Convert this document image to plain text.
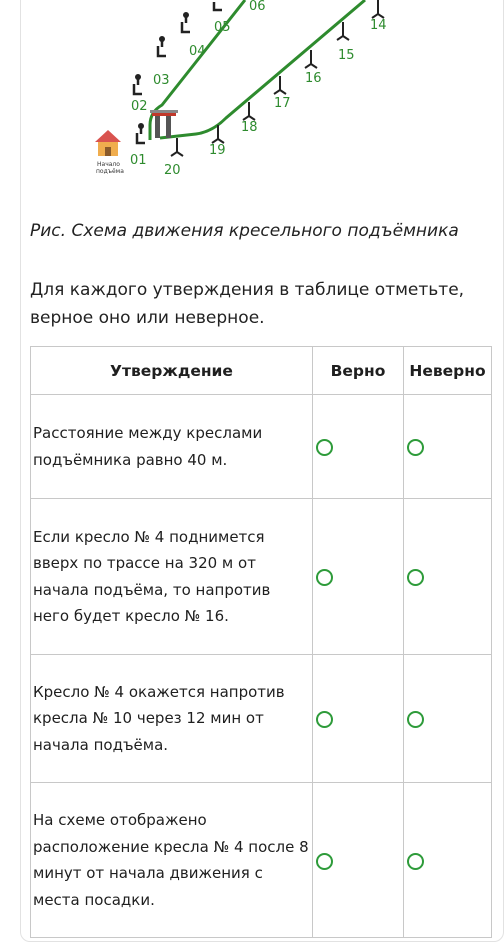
Начало
подъёма
01
02
03
04
05
06
14
15
16
17
18
19
20
Рис. Схема движения кресельного подъёмника
Для каждого утверждения в таблице отметьте, верное оно или неверное.
Утверждение	Верно	Неверно
Расстояние между креслами подъёмника равно 40 м.		
Если кресло № 4 поднимется вверх по трассе на 320 м от начала подъёма, то напротив него будет кресло № 16.		
Кресло № 4 окажется напротив кресла № 10 через 12 мин от начала подъёма.		
На схеме отображено расположение кресла № 4 после 8 минут от начала движения с места посадки.		
